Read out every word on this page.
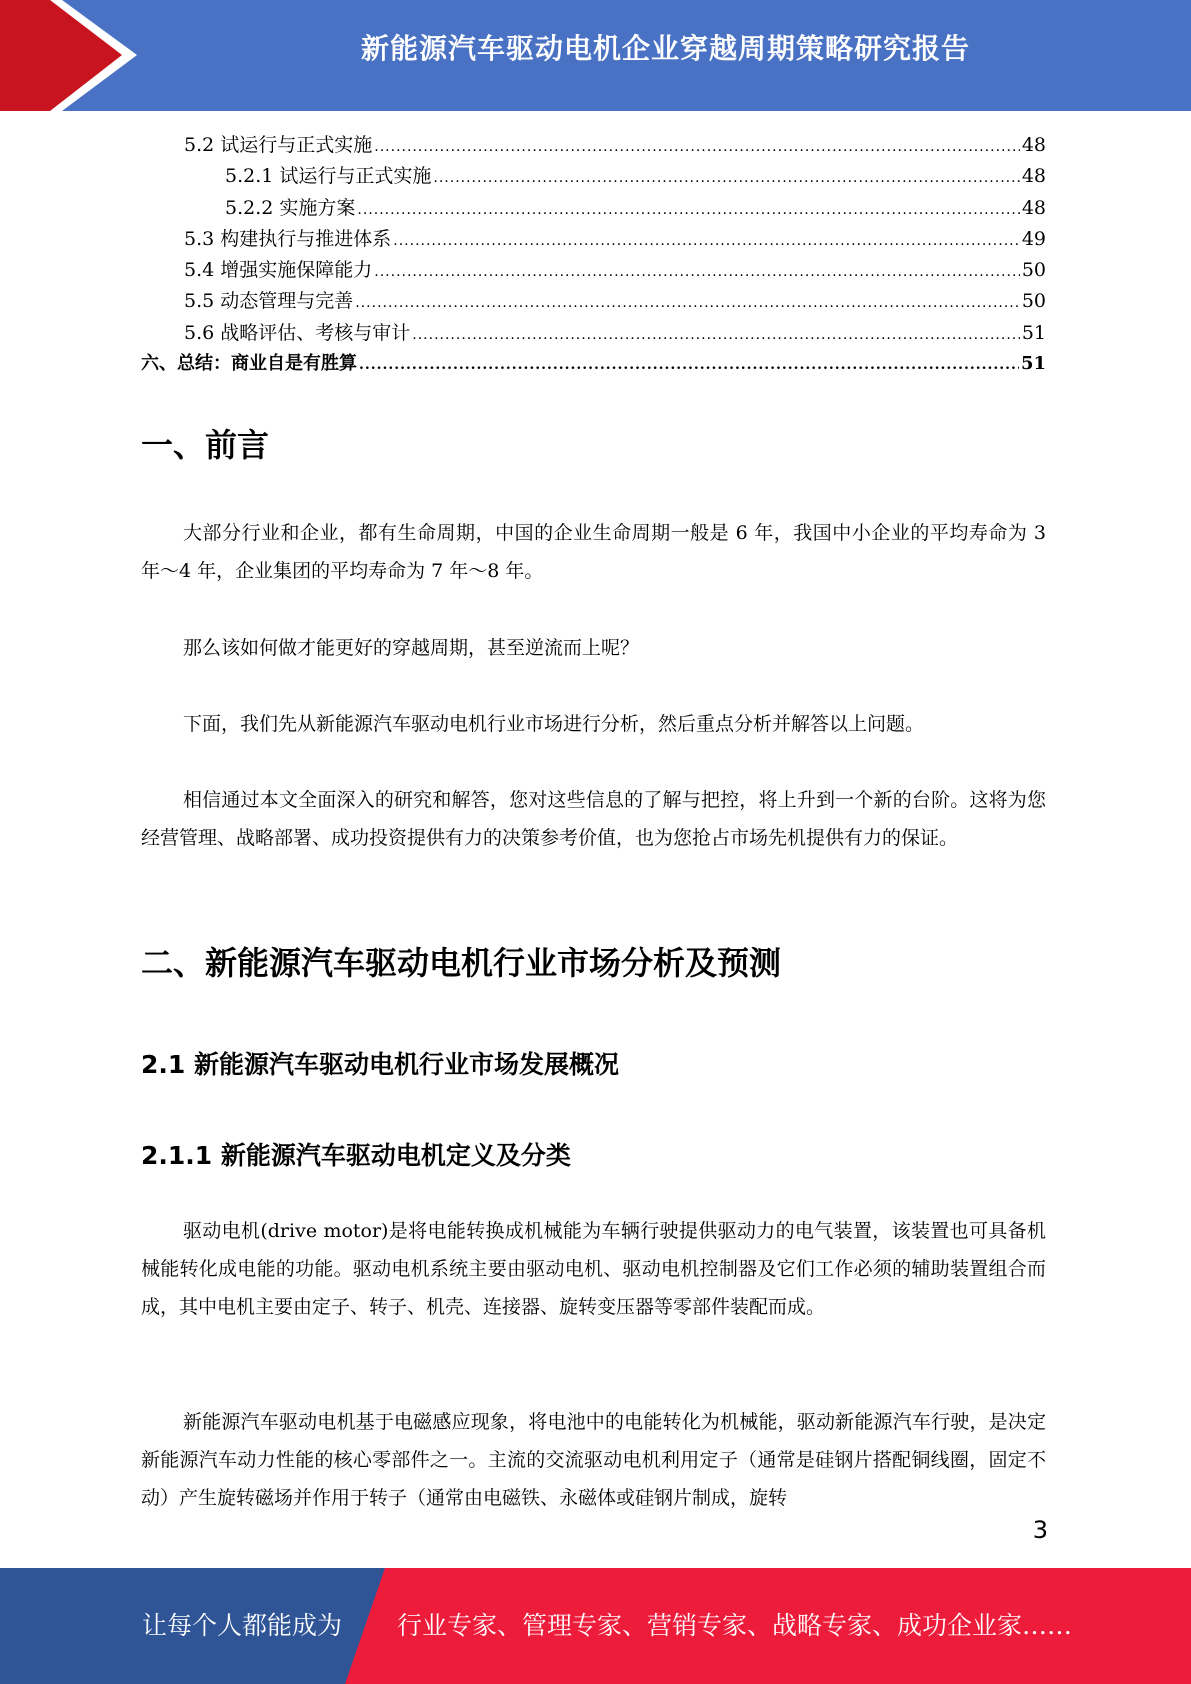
新能源汽车驱动电机企业穿越周期策略研究报告
5.2 试运行与正式实施 .....	48
5.2.1 试运行与正式实施 .....	48
5.2.2 实施方案 .....	48
5.3 构建执行与推进体系 .....	49
5.4 增强实施保障能力 .....	50
5.5 动态管理与完善 .....	50
5.6 战略评估、考核与审计 .....	51
六、总结：商业自是有胜算 .....	51
一、前言

大部分行业和企业，都有生命周期，中国的企业生命周期一般是 6 年，我国中小企业的平均寿命为 3 年～4 年，企业集团的平均寿命为 7 年～8 年。

那么该如何做才能更好的穿越周期，甚至逆流而上呢？

下面，我们先从新能源汽车驱动电机行业市场进行分析，然后重点分析并解答以上问题。

相信通过本文全面深入的研究和解答，您对这些信息的了解与把控，将上升到一个新的台阶。这将为您经营管理、战略部署、成功投资提供有力的决策参考价值，也为您抢占市场先机提供有力的保证。

二、新能源汽车驱动电机行业市场分析及预测
2.1 新能源汽车驱动电机行业市场发展概况
2.1.1 新能源汽车驱动电机定义及分类

驱动电机(drive motor)是将电能转换成机械能为车辆行驶提供驱动力的电气装置，该装置也可具备机械能转化成电能的功能。驱动电机系统主要由驱动电机、驱动电机控制器及它们工作必须的辅助装置组合而成，其中电机主要由定子、转子、机壳、连接器、旋转变压器等零部件装配而成。

新能源汽车驱动电机基于电磁感应现象，将电池中的电能转化为机械能，驱动新能源汽车行驶，是决定新能源汽车动力性能的核心零部件之一。主流的交流驱动电机利用定子（通常是硅钢片搭配铜线圈，固定不动）产生旋转磁场并作用于转子（通常由电磁铁、永磁体或硅钢片制成，旋转

3
让每个人都能成为 行业专家、管理专家、营销专家、战略专家、成功企业家……
